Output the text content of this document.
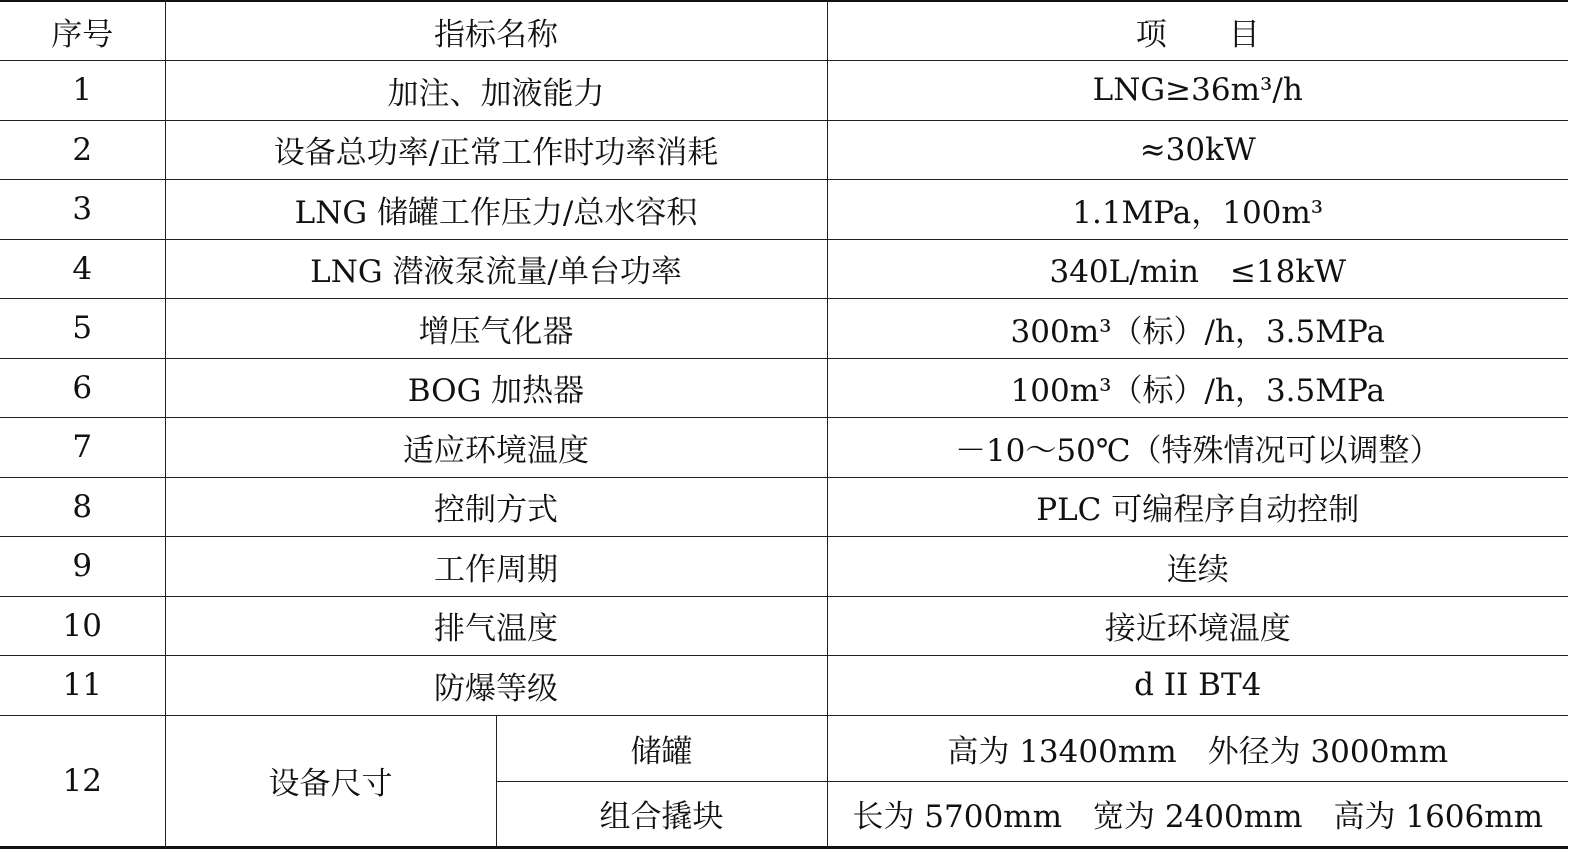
序号	指标名称		项　　目
1	加注、加液能力		LNG≥36m³/h
2	设备总功率/正常工作时功率消耗		≈30kW
3	LNG 储罐工作压力/总水容积		1.1MPa，100m³
4	LNG 潜液泵流量/单台功率		340L/min　≤18kW
5	增压气化器		300m³（标）/h，3.5MPa
6	BOG 加热器		100m³（标）/h，3.5MPa
7	适应环境温度		－10～50℃（特殊情况可以调整）
8	控制方式		PLC 可编程序自动控制
9	工作周期		连续
10	排气温度		接近环境温度
11	防爆等级		d II BT4
12	设备尺寸	储罐	高为 13400mm　外径为 3000mm
		组合撬块	长为 5700mm　宽为 2400mm　高为 1606mm
